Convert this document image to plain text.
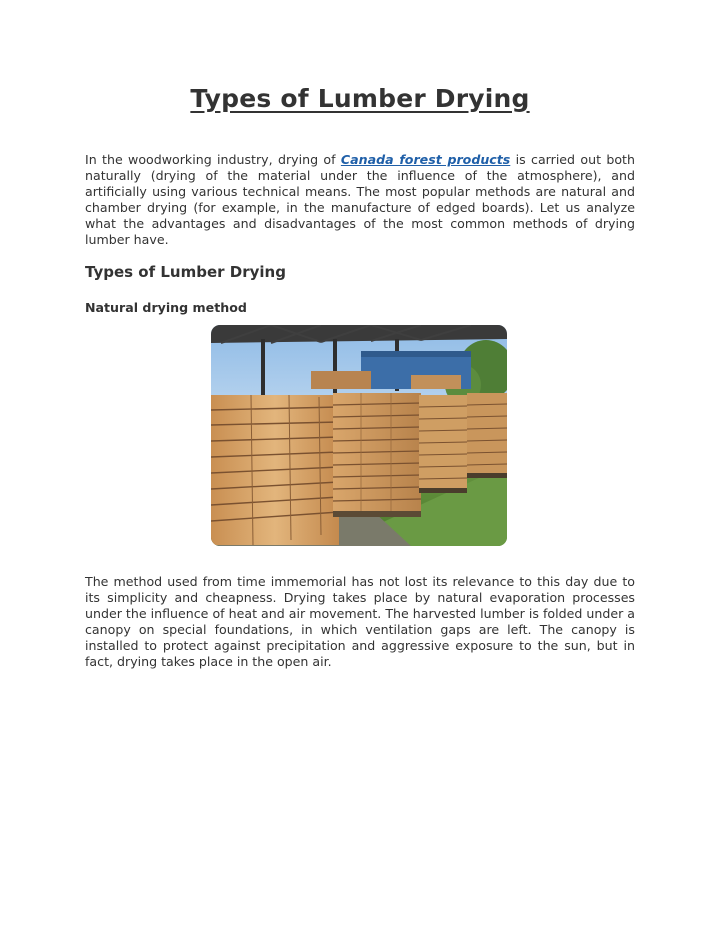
Types of Lumber Drying

In the woodworking industry, drying of Canada forest products is carried out both naturally (drying of the material under the influence of the atmosphere), and artificially using various technical means. The most popular methods are natural and chamber drying (for example, in the manufacture of edged boards). Let us analyze what the advantages and disadvantages of the most common methods of drying lumber have.

Types of Lumber Drying
Natural drying method

The method used from time immemorial has not lost its relevance to this day due to its simplicity and cheapness. Drying takes place by natural evaporation processes under the influence of heat and air movement. The harvested lumber is folded under a canopy on special foundations, in which ventilation gaps are left. The canopy is installed to protect against precipitation and aggressive exposure to the sun, but in fact, drying takes place in the open air.
